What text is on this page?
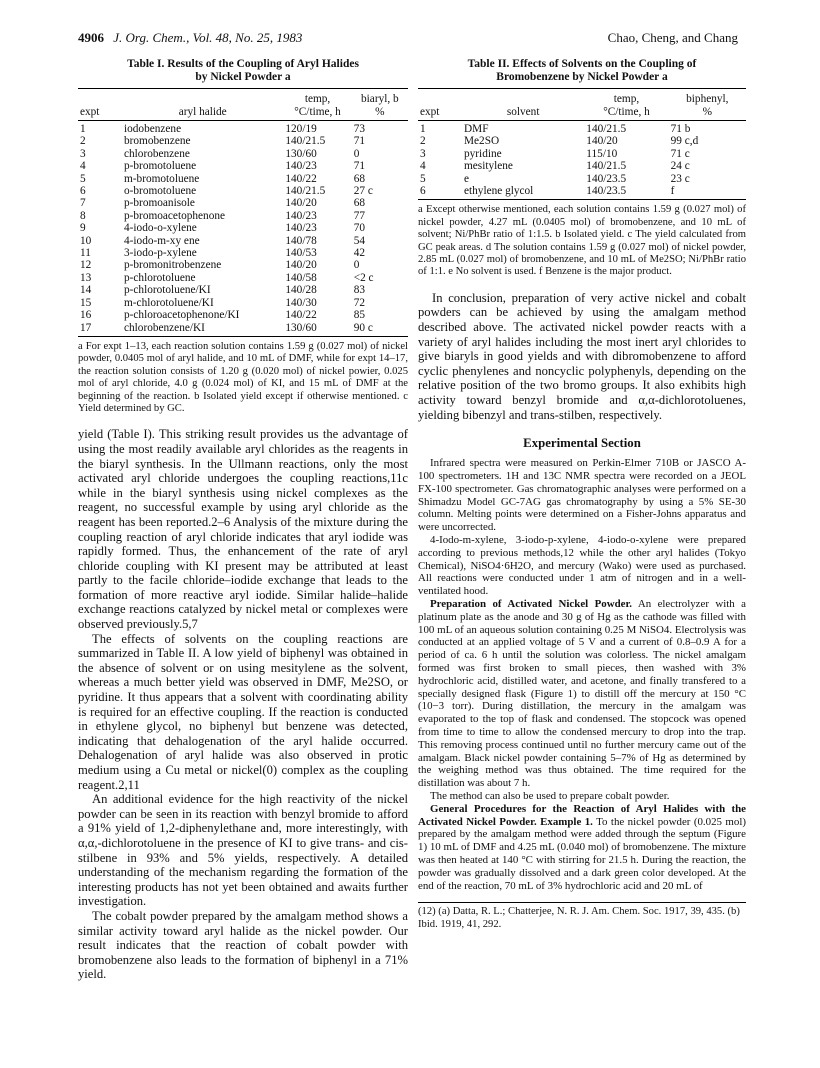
4906 J. Org. Chem., Vol. 48, No. 25, 1983	Chao, Cheng, and Chang
Table I. Results of the Coupling of Aryl Halides
by Nickel Powder a
		temp,	biaryl, b
expt	aryl halide	°C/time, h	%
1	iodobenzene	120/19	73
2	bromobenzene	140/21.5	71
3	chlorobenzene	130/60	0
4	p-bromotoluene	140/23	71
5	m-bromotoluene	140/22	68
6	o-bromotoluene	140/21.5	27 c
7	p-bromoanisole	140/20	68
8	p-bromoacetophenone	140/23	77
9	4-iodo-o-xylene	140/23	70
10	4-iodo-m-xy ene	140/78	54
11	3-iodo-p-xylene	140/53	42
12	p-bromonitrobenzene	140/20	0
13	p-chlorotoluene	140/58	<2 c
14	p-chlorotoluene/KI	140/28	83
15	m-chlorotoluene/KI	140/30	72
16	p-chloroacetophenone/KI	140/22	85
17	chlorobenzene/KI	130/60	90 c
a For expt 1–13, each reaction solution contains 1.59 g (0.027 mol) of nickel powder, 0.0405 mol of aryl halide, and 10 mL of DMF, while for expt 14–17, the reaction solution consists of 1.20 g (0.020 mol) of nickel powier, 0.025 mol of aryl chloride, 4.0 g (0.024 mol) of KI, and 15 mL of DMF at the beginning of the reaction. b Isolated yield except if otherwise mentioned. c Yield determined by GC.

yield (Table I). This striking result provides us the advantage of using the most readily available aryl chlorides as the reagents in the biaryl synthesis. In the Ullmann reactions, only the most activated aryl chloride undergoes the coupling reactions,11c while in the biaryl synthesis using nickel complexes as the reagent, no successful example by using aryl chloride as the reagent has been reported.2–6 Analysis of the mixture during the coupling reaction of aryl chloride indicates that aryl iodide was rapidly formed. Thus, the enhancement of the rate of aryl chloride coupling with KI present may be attributed at least partly to the facile chloride–iodide exchange that leads to the formation of more reactive aryl iodide. Similar halide–halide exchange reactions catalyzed by nickel metal or complexes were observed previously.5,7

The effects of solvents on the coupling reactions are summarized in Table II. A low yield of biphenyl was obtained in the absence of solvent or on using mesitylene as the solvent, whereas a much better yield was observed in DMF, Me2SO, or pyridine. It thus appears that a solvent with coordinating ability is required for an effective coupling. If the reaction is conducted in ethylene glycol, no biphenyl but benzene was detected, indicating that dehalogenation of the aryl halide occurred. Dehalogenation of aryl halide was also observed in protic medium using a Cu metal or nickel(0) complex as the coupling reagent.2,11

An additional evidence for the high reactivity of the nickel powder can be seen in its reaction with benzyl bromide to afford a 91% yield of 1,2-diphenylethane and, more interestingly, with α,α,-dichlorotoluene in the presence of KI to give trans- and cis-stilbene in 93% and 5% yields, respectively. A detailed understanding of the mechanism regarding the formation of the interesting products has not yet been obtained and awaits further investigation.

The cobalt powder prepared by the amalgam method shows a similar activity toward aryl halide as the nickel powder. Our result indicates that the reaction of cobalt powder with bromobenzene also leads to the formation of biphenyl in a 71% yield.

Table II. Effects of Solvents on the Coupling of
Bromobenzene by Nickel Powder a
		temp,	biphenyl,
expt	solvent	°C/time, h	%
1	DMF	140/21.5	71 b
2	Me2SO	140/20	99 c,d
3	pyridine	115/10	71 c
4	mesitylene	140/21.5	24 c
5	e	140/23.5	23 c
6	ethylene glycol	140/23.5	f
a Except otherwise mentioned, each solution contains 1.59 g (0.027 mol) of nickel powder, 4.27 mL (0.0405 mol) of bromobenzene, and 10 mL of solvent; Ni/PhBr ratio of 1:1.5. b Isolated yield. c The yield calculated from GC peak areas. d The solution contains 1.59 g (0.027 mol) of nickel powder, 2.85 mL (0.027 mol) of bromobenzene, and 10 mL of Me2SO; Ni/PhBr ratio of 1:1. e No solvent is used. f Benzene is the major product.

In conclusion, preparation of very active nickel and cobalt powders can be achieved by using the amalgam method described above. The activated nickel powder reacts with a variety of aryl halides including the most inert aryl chlorides to give biaryls in good yields and with dibromobenzene to afford cyclic phenylenes and noncyclic polyphenyls, depending on the relative position of the two bromo groups. It also exhibits high activity toward benzyl bromide and α,α-dichlorotoluenes, yielding bibenzyl and trans-stilben, respectively.

Experimental Section

Infrared spectra were measured on Perkin-Elmer 710B or JASCO A-100 spectrometers. 1H and 13C NMR spectra were recorded on a JEOL FX-100 spectrometer. Gas chromatographic analyses were performed on a Shimadzu Model GC-7AG gas chromatography by using a 5% SE-30 column. Melting points were determined on a Fisher-Johns apparatus and were uncorrected.

4-Iodo-m-xylene, 3-iodo-p-xylene, 4-iodo-o-xylene were prepared according to previous methods,12 while the other aryl halides (Tokyo Chemical), NiSO4·6H2O, and mercury (Wako) were used as purchased. All reactions were conducted under 1 atm of nitrogen and in a well-ventilated hood.

Preparation of Activated Nickel Powder. An electrolyzer with a platinum plate as the anode and 30 g of Hg as the cathode was filled with 100 mL of an aqueous solution containing 0.25 M NiSO4. Electrolysis was conducted at an applied voltage of 5 V and a current of 0.8–0.9 A for a period of ca. 6 h until the solution was colorless. The nickel amalgam formed was first broken to small pieces, then washed with 3% hydrochloric acid, distilled water, and acetone, and finally transfered to a specially designed flask (Figure 1) to distill off the mercury at 150 °C (10−3 torr). During distillation, the mercury in the amalgam was evaporated to the top of flask and condensed. The stopcock was opened from time to time to allow the condensed mercury to drop into the trap. This removing process continued until no further mercury came out of the amalgam. Black nickel powder containing 5–7% of Hg as determined by the weighing method was thus obtained. The time required for the distillation was about 7 h.

The method can also be used to prepare cobalt powder.

General Procedures for the Reaction of Aryl Halides with the Activated Nickel Powder. Example 1. To the nickel powder (0.025 mol) prepared by the amalgam method were added through the septum (Figure 1) 10 mL of DMF and 4.25 mL (0.040 mol) of bromobenzene. The mixture was then heated at 140 °C with stirring for 21.5 h. During the reaction, the powder was gradually dissolved and a dark green color developed. At the end of the reaction, 70 mL of 3% hydrochloric acid and 20 mL of

(12) (a) Datta, R. L.; Chatterjee, N. R. J. Am. Chem. Soc. 1917, 39, 435. (b) Ibid. 1919, 41, 292.
